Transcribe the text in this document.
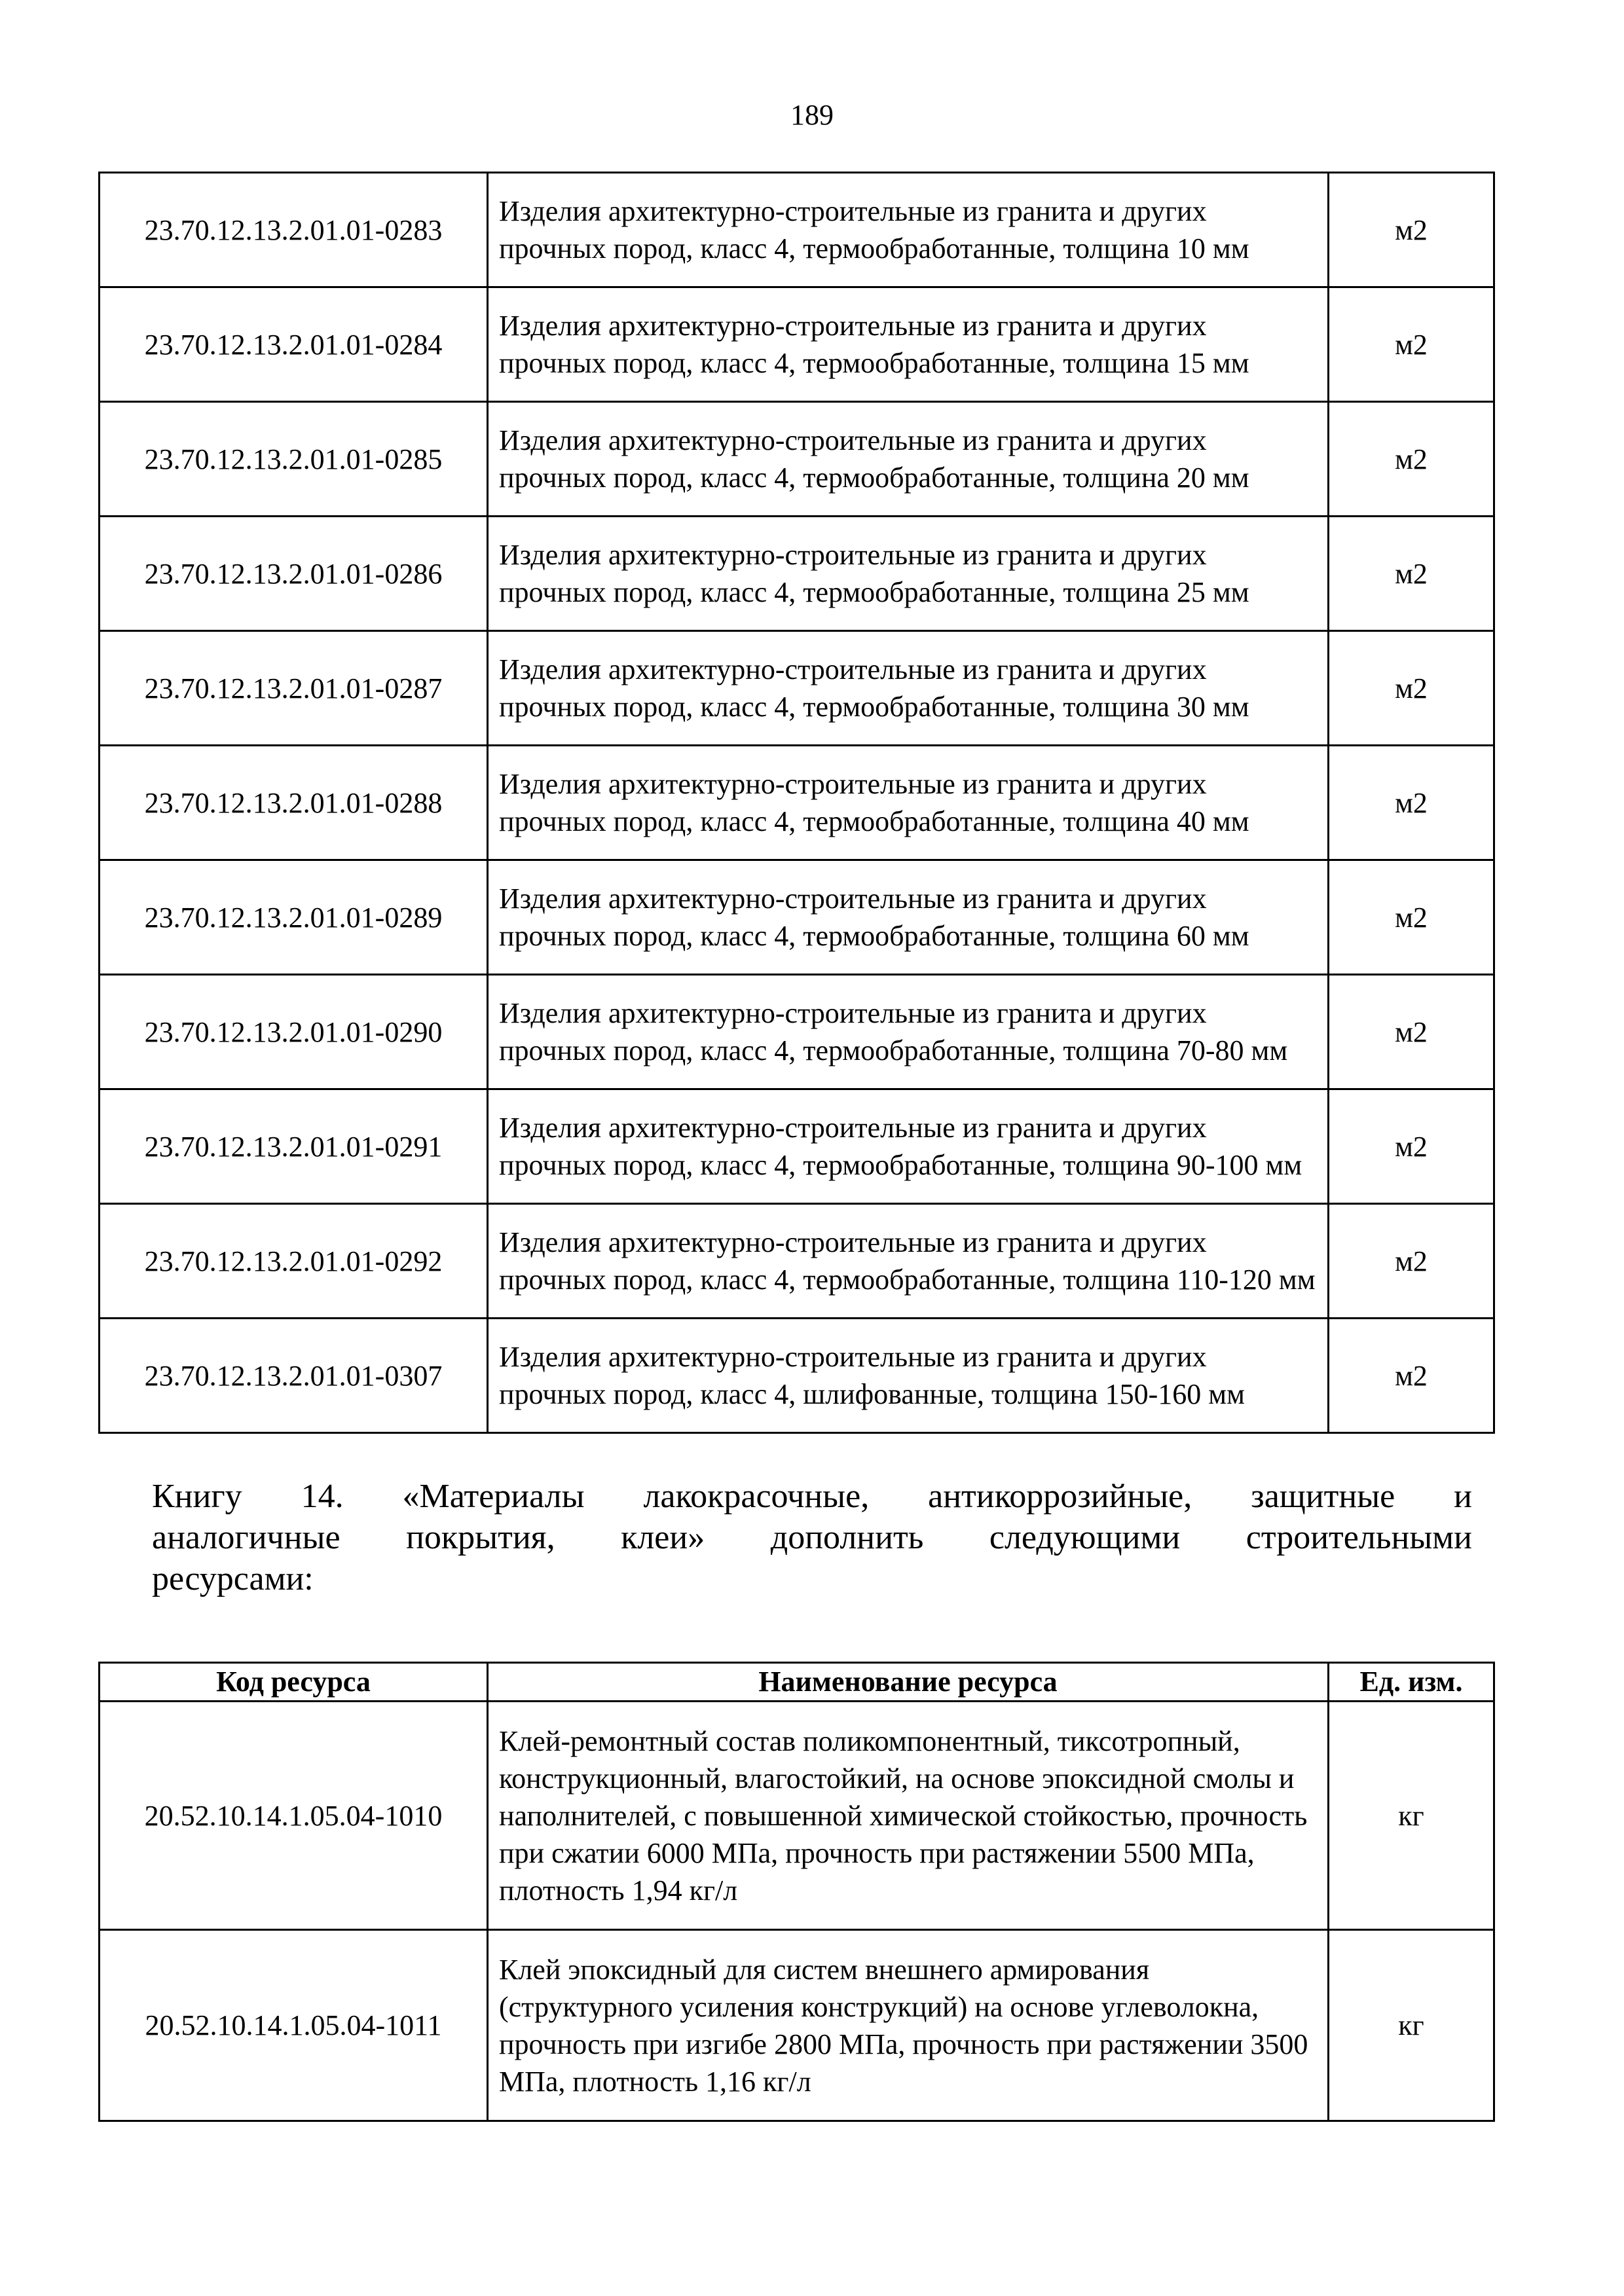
189
23.70.12.13.2.01.01-0283	Изделия архитектурно-строительные из гранита и других прочных пород, класс 4, термообработанные, толщина 10 мм	м2
23.70.12.13.2.01.01-0284	Изделия архитектурно-строительные из гранита и других прочных пород, класс 4, термообработанные, толщина 15 мм	м2
23.70.12.13.2.01.01-0285	Изделия архитектурно-строительные из гранита и других прочных пород, класс 4, термообработанные, толщина 20 мм	м2
23.70.12.13.2.01.01-0286	Изделия архитектурно-строительные из гранита и других прочных пород, класс 4, термообработанные, толщина 25 мм	м2
23.70.12.13.2.01.01-0287	Изделия архитектурно-строительные из гранита и других прочных пород, класс 4, термообработанные, толщина 30 мм	м2
23.70.12.13.2.01.01-0288	Изделия архитектурно-строительные из гранита и других прочных пород, класс 4, термообработанные, толщина 40 мм	м2
23.70.12.13.2.01.01-0289	Изделия архитектурно-строительные из гранита и других прочных пород, класс 4, термообработанные, толщина 60 мм	м2
23.70.12.13.2.01.01-0290	Изделия архитектурно-строительные из гранита и других прочных пород, класс 4, термообработанные, толщина 70-80 мм	м2
23.70.12.13.2.01.01-0291	Изделия архитектурно-строительные из гранита и других прочных пород, класс 4, термообработанные, толщина 90-100 мм	м2
23.70.12.13.2.01.01-0292	Изделия архитектурно-строительные из гранита и других прочных пород, класс 4, термообработанные, толщина 110-120 мм	м2
23.70.12.13.2.01.01-0307	Изделия архитектурно-строительные из гранита и других прочных пород, класс 4, шлифованные, толщина 150-160 мм	м2
Книгу 14. «Материалы лакокрасочные, антикоррозийные, защитные и
аналогичные покрытия, клеи» дополнить следующими строительными
ресурсами:
Код ресурса	Наименование ресурса	Ед. изм.
20.52.10.14.1.05.04-1010	Клей-ремонтный состав поликомпонентный, тиксотропный, конструкционный, влагостойкий, на основе эпоксидной смолы и наполнителей, с повышенной химической стойкостью, прочность при сжатии 6000 МПа, прочность при растяжении 5500 МПа, плотность 1,94 кг/л	кг
20.52.10.14.1.05.04-1011	Клей эпоксидный для систем внешнего армирования (структурного усиления конструкций) на основе углеволокна, прочность при изгибе 2800 МПа, прочность при растяжении 3500 МПа, плотность 1,16 кг/л	кг
